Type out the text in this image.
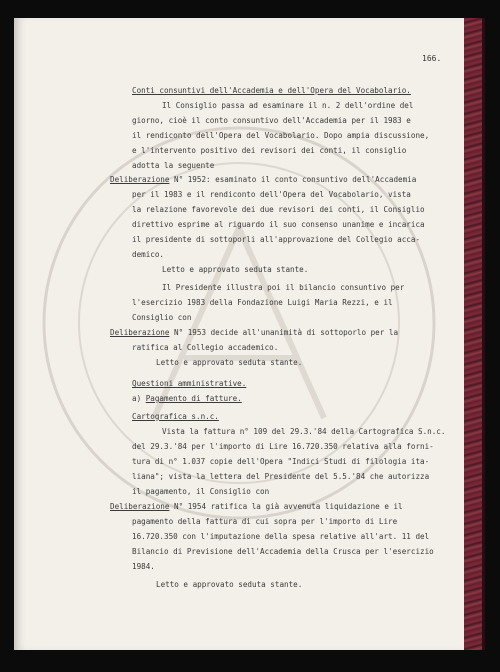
166.
Conti consuntivi dell'Accademia e dell'Opera del Vocabolario.
Il Consiglio passa ad esaminare il n. 2 dell'ordine del
giorno, cioè il conto consuntivo dell'Accademia per il 1983 e
il rendiconto dell'Opera del Vocabolario. Dopo ampia discussione,
e l'intervento positivo dei revisori dei conti, il consiglio
adotta la seguente
Deliberazione N° 1952: esaminato il conto consuntivo dell'Accademia
per il 1983 e il rendiconto dell'Opera del Vocabolario, vista
la relazione favorevole dei due revisori dei conti, il Consiglio
direttivo esprime al riguardo il suo consenso unanime e incarica
il presidente di sottoporli all'approvazione del Collegio acca-
demico.
Letto e approvato seduta stante.
Il Presidente illustra poi il bilancio consuntivo per
l'esercizio 1983 della Fondazione Luigi Maria Rezzi, e il
Consiglio con
Deliberazione N° 1953 decide all'unanimità di sottoporlo per la
ratifica al Collegio accademico.
Letto e approvato seduta stante.
Questioni amministrative.
a) Pagamento di fatture.
Cartografica s.n.c.
Vista la fattura n° 109 del 29.3.'84 della Cartografica S.n.c.
del 29.3.'84 per l'importo di Lire 16.720.350 relativa alla forni-
tura di n° 1.037 copie dell'Opera "Indici Studi di filologia ita-
liana"; vista la lettera del Presidente del 5.5.'84 che autorizza
il pagamento, il Consiglio con
Deliberazione N° 1954 ratifica la già avvenuta liquidazione e il
pagamento della fattura di cui sopra per l'importo di Lire
16.720.350 con l'imputazione della spesa relative all'art. 11 del
Bilancio di Previsione dell'Accademia della Crusca per l'esercizio
1984.
Letto e approvato seduta stante.
